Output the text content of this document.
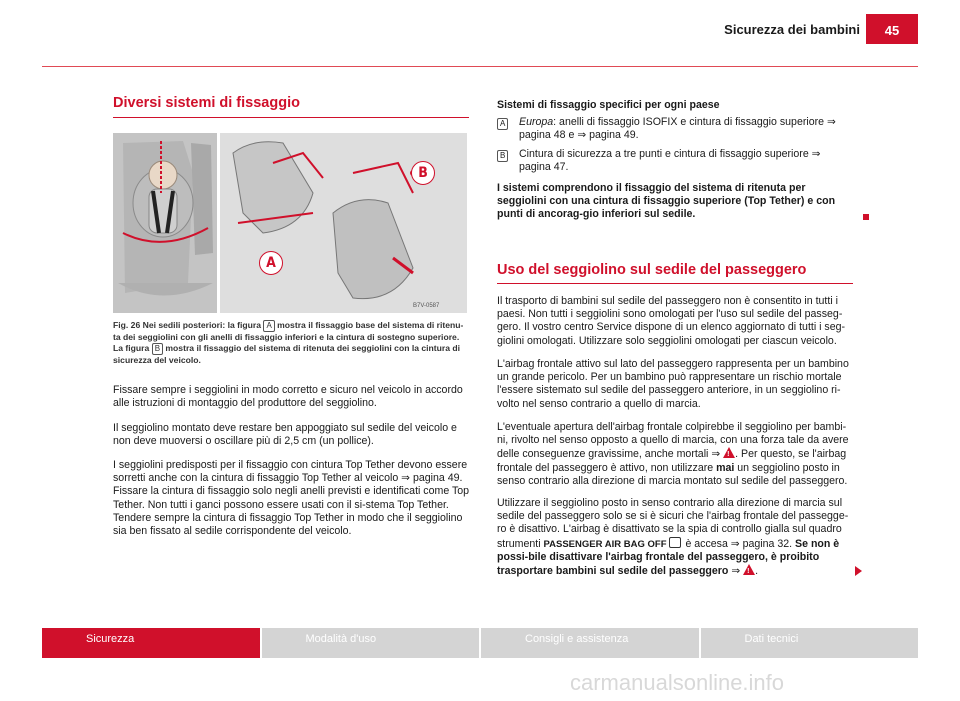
Sicurezza dei bambini	45
Diversi sistemi di fissaggio
B7V-0587
A
B
Fig. 26 Nei sedili posteriori: la figura A mostra il fissaggio base del sistema di ritenu-ta dei seggiolini con gli anelli di fissaggio inferiori e la cintura di sostegno superiore. La figura B mostra il fissaggio del sistema di ritenuta dei seggiolini con la cintura di sicurezza del veicolo.
Fissare sempre i seggiolini in modo corretto e sicuro nel veicolo in accordo alle istruzioni di montaggio del produttore del seggiolino.
Il seggiolino montato deve restare ben appoggiato sul sedile del veicolo e non deve muoversi o oscillare più di 2,5 cm (un pollice).
I seggiolini predisposti per il fissaggio con cintura Top Tether devono essere sorretti anche con la cintura di fissaggio Top Tether al veicolo ⇒ pagina 49. Fissare la cintura di fissaggio solo negli anelli previsti e identificati come Top Tether. Non tutti i ganci possono essere usati con il si-stema Top Tether. Tendere sempre la cintura di fissaggio Top Tether in modo che il seggiolino sia ben fissato al sedile corrispondente del veicolo.
Sistemi di fissaggio specifici per ogni paese
A Europa: anelli di fissaggio ISOFIX e cintura di fissaggio superiore ⇒ pagina 48 e ⇒ pagina 49.
B Cintura di sicurezza a tre punti e cintura di fissaggio superiore ⇒ pagina 47.
I sistemi comprendono il fissaggio del sistema di ritenuta per seggiolini con una cintura di fissaggio superiore (Top Tether) e con punti di ancorag-gio inferiori sul sedile.
Uso del seggiolino sul sedile del passeggero
Il trasporto di bambini sul sedile del passeggero non è consentito in tutti i paesi. Non tutti i seggiolini sono omologati per l'uso sul sedile del passeg-gero. Il vostro centro Service dispone di un elenco aggiornato di tutti i seg-giolini omologati. Utilizzare solo seggiolini omologati per ciascun veicolo.
L'airbag frontale attivo sul lato del passeggero rappresenta per un bambino un grande pericolo. Per un bambino può rappresentare un rischio mortale l'essere sistemato sul sedile del passeggero anteriore, in un seggiolino ri-volto nel senso contrario a quello di marcia.
L'eventuale apertura dell'airbag frontale colpirebbe il seggiolino per bambi-ni, rivolto nel senso opposto a quello di marcia, con una forza tale da avere delle conseguenze gravissime, anche mortali ⇒ !. Per questo, se l'airbag frontale del passeggero è attivo, non utilizzare mai un seggiolino posto in senso contrario alla direzione di marcia montato sul sedile del passeggero.
Utilizzare il seggiolino posto in senso contrario alla direzione di marcia sul sedile del passeggero solo se si è sicuri che l'airbag frontale del passegge-ro è disattivo. L'airbag è disattivato se la spia di controllo gialla sul quadro strumenti PASSENGER AIR BAG OFF è accesa ⇒ pagina 32. Se non è possi-bile disattivare l'airbag frontale del passeggero, è proibito trasportare bambini sul sedile del passeggero ⇒ !.
Sicurezza	Modalità d'uso	Consigli e assistenza	Dati tecnici
carmanualsonline.info
